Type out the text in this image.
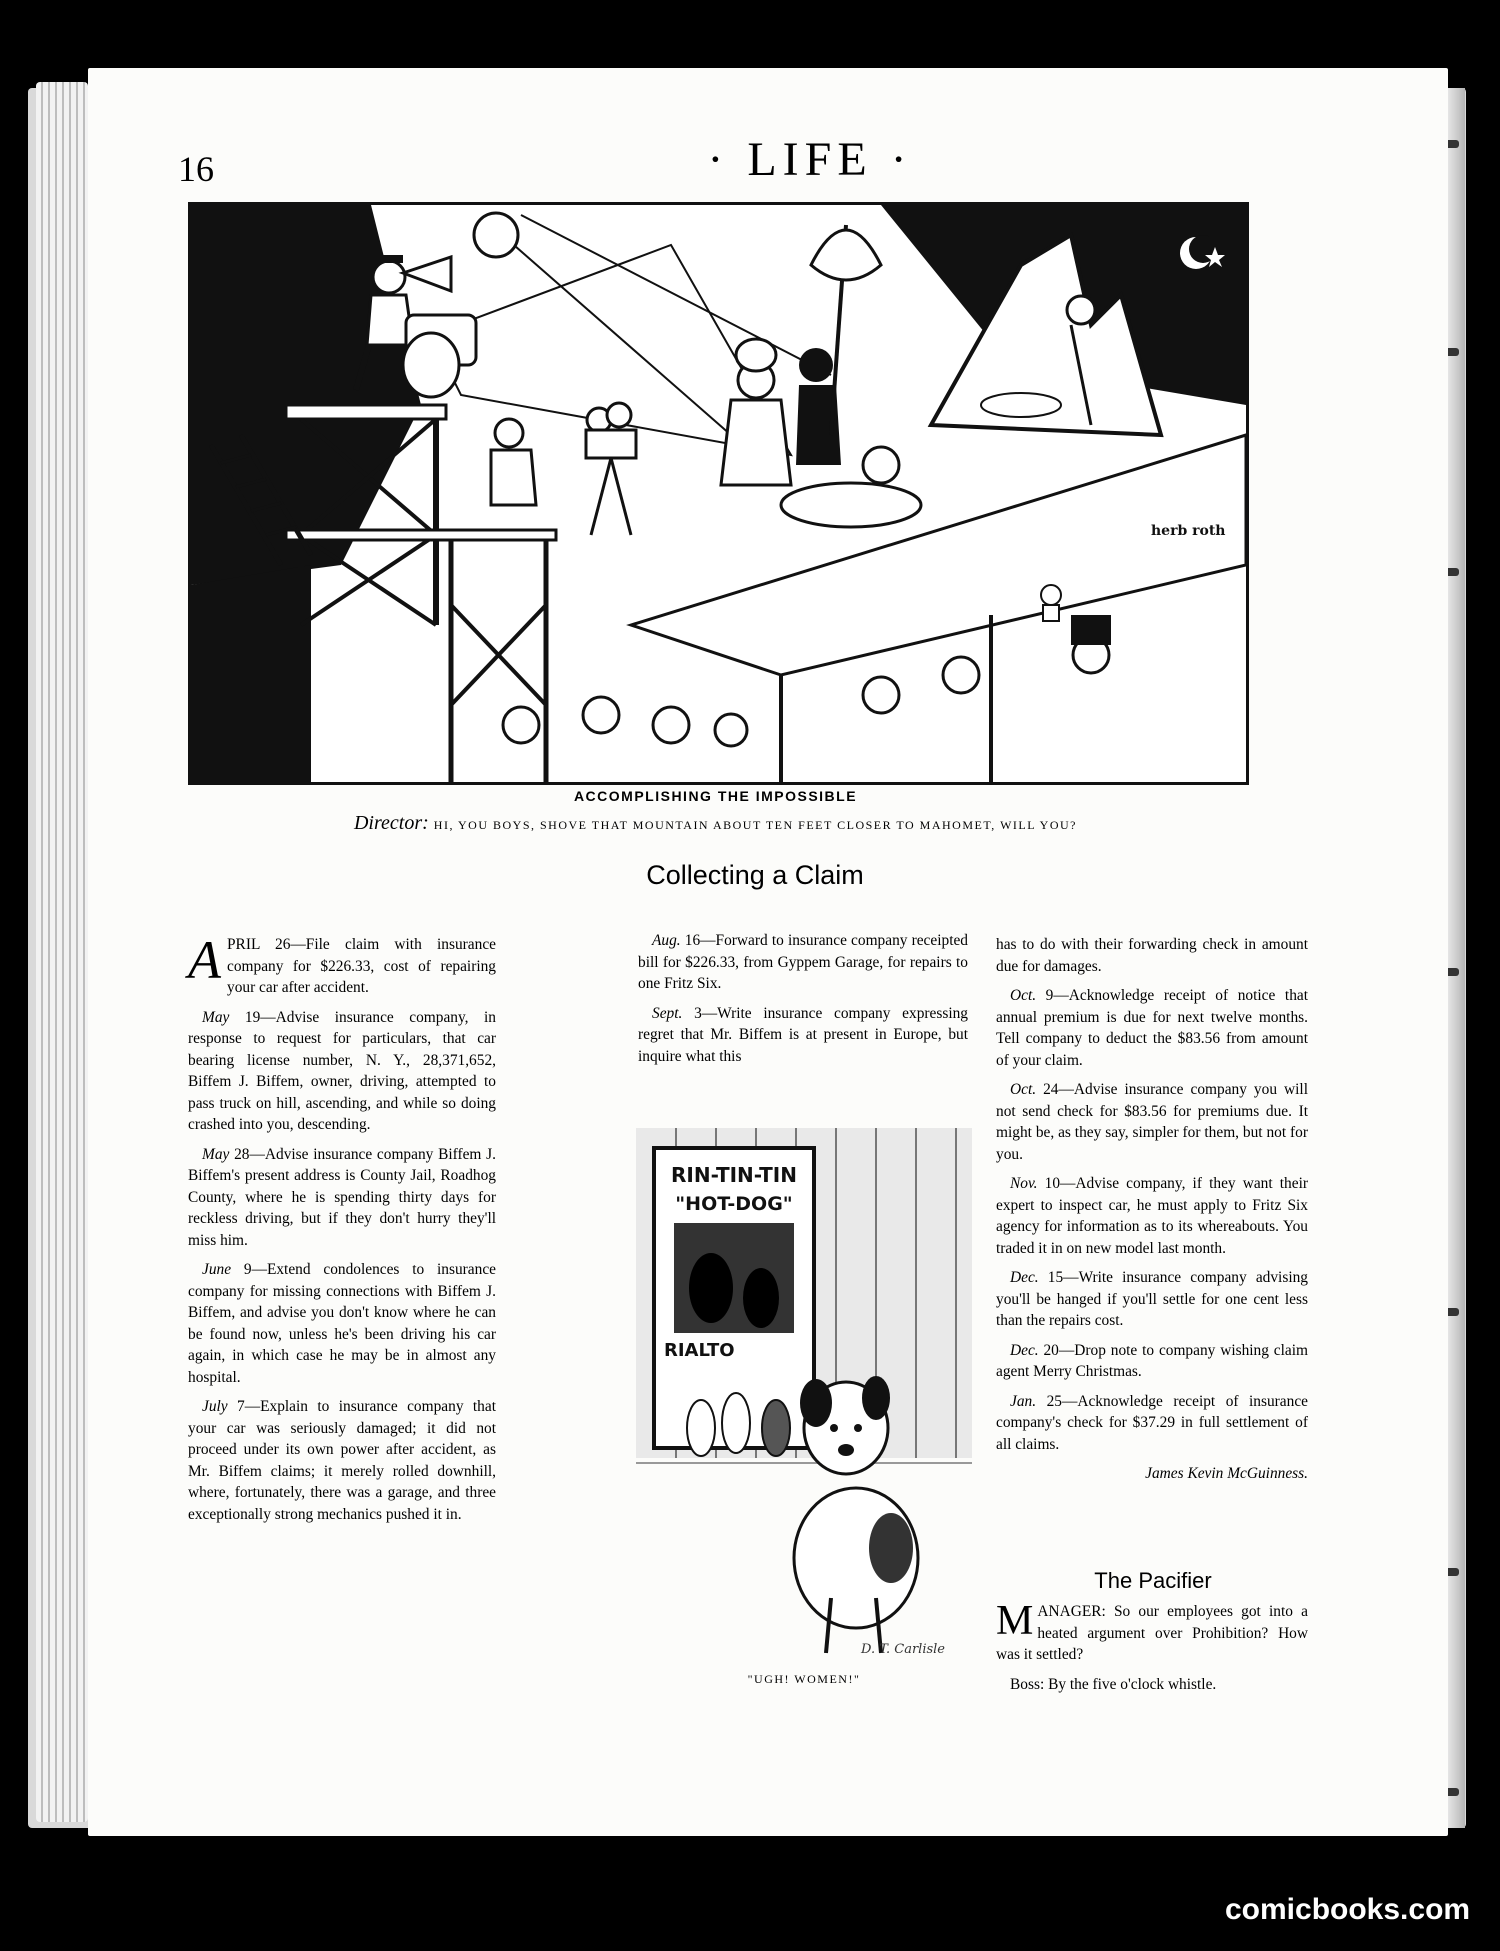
16	· LIFE ·
herb roth
ACCOMPLISHING THE IMPOSSIBLE
Director: HI, YOU BOYS, SHOVE THAT MOUNTAIN ABOUT TEN FEET CLOSER TO MAHOMET, WILL YOU?
Collecting a Claim

APRIL 26—File claim with insurance company for $226.33, cost of repairing your car after accident.

May 19—Advise insurance company, in response to request for particulars, that car bearing license number, N. Y., 28,371,652, Biffem J. Biffem, owner, driving, attempted to pass truck on hill, ascending, and while so doing crashed into you, descending.

May 28—Advise insurance company Biffem J. Biffem's present address is County Jail, Roadhog County, where he is spending thirty days for reckless driving, but if they don't hurry they'll miss him.

June 9—Extend condolences to insurance company for missing connections with Biffem J. Biffem, and advise you don't know where he can be found now, unless he's been driving his car again, in which case he may be in almost any hospital.

July 7—Explain to insurance company that your car was seriously damaged; it did not proceed under its own power after accident, as Mr. Biffem claims; it merely rolled downhill, where, fortunately, there was a garage, and three exceptionally strong mechanics pushed it in.

Aug. 16—Forward to insurance company receipted bill for $226.33, from Gyppem Garage, for repairs to one Fritz Six.

Sept. 3—Write insurance company expressing regret that Mr. Biffem is at present in Europe, but inquire what this

has to do with their forwarding check in amount due for damages.

Oct. 9—Acknowledge receipt of notice that annual premium is due for next twelve months. Tell company to deduct the $83.56 from amount of your claim.

Oct. 24—Advise insurance company you will not send check for $83.56 for premiums due. It might be, as they say, simpler for them, but not for you.

Nov. 10—Advise company, if they want their expert to inspect car, he must apply to Fritz Six agency for information as to its whereabouts. You traded it in on new model last month.

Dec. 15—Write insurance company advising you'll be hanged if you'll settle for one cent less than the repairs cost.

Dec. 20—Drop note to company wishing claim agent Merry Christmas.

Jan. 25—Acknowledge receipt of insurance company's check for $37.29 in full settlement of all claims.

James Kevin McGuinness.
RIN-TIN-TIN
"HOT-DOG"
RIALTO
D. T. Carlisle
"UGH! WOMEN!"
The Pacifier

MANAGER: So our employees got into a heated argument over Prohibition? How was it settled?

Boss: By the five o'clock whistle.

comicbooks.com
